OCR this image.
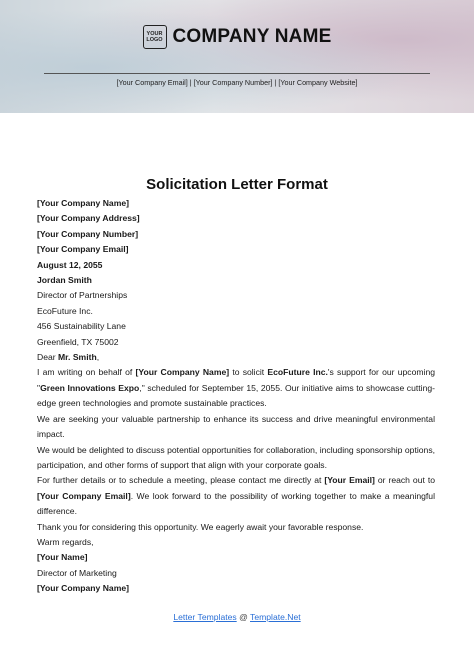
YOUR
LOGO COMPANY NAME
[Your Company Email] | [Your Company Number] | [Your Company Website]
Solicitation Letter Format
[Your Company Name]
[Your Company Address]
[Your Company Number]
[Your Company Email]
August 12, 2055
Jordan Smith
Director of Partnerships
EcoFuture Inc.
456 Sustainability Lane
Greenfield, TX 75002
Dear Mr. Smith,
I am writing on behalf of [Your Company Name] to solicit EcoFuture Inc.'s support for our upcoming "Green Innovations Expo," scheduled for September 15, 2055. Our initiative aims to showcase cutting-edge green technologies and promote sustainable practices.
We are seeking your valuable partnership to enhance its success and drive meaningful environmental impact.
We would be delighted to discuss potential opportunities for collaboration, including sponsorship options, participation, and other forms of support that align with your corporate goals.
For further details or to schedule a meeting, please contact me directly at [Your Email] or reach out to [Your Company Email]. We look forward to the possibility of working together to make a meaningful difference.
Thank you for considering this opportunity. We eagerly await your favorable response.
Warm regards,
[Your Name]
Director of Marketing
[Your Company Name]
Letter Templates @ Template.Net
